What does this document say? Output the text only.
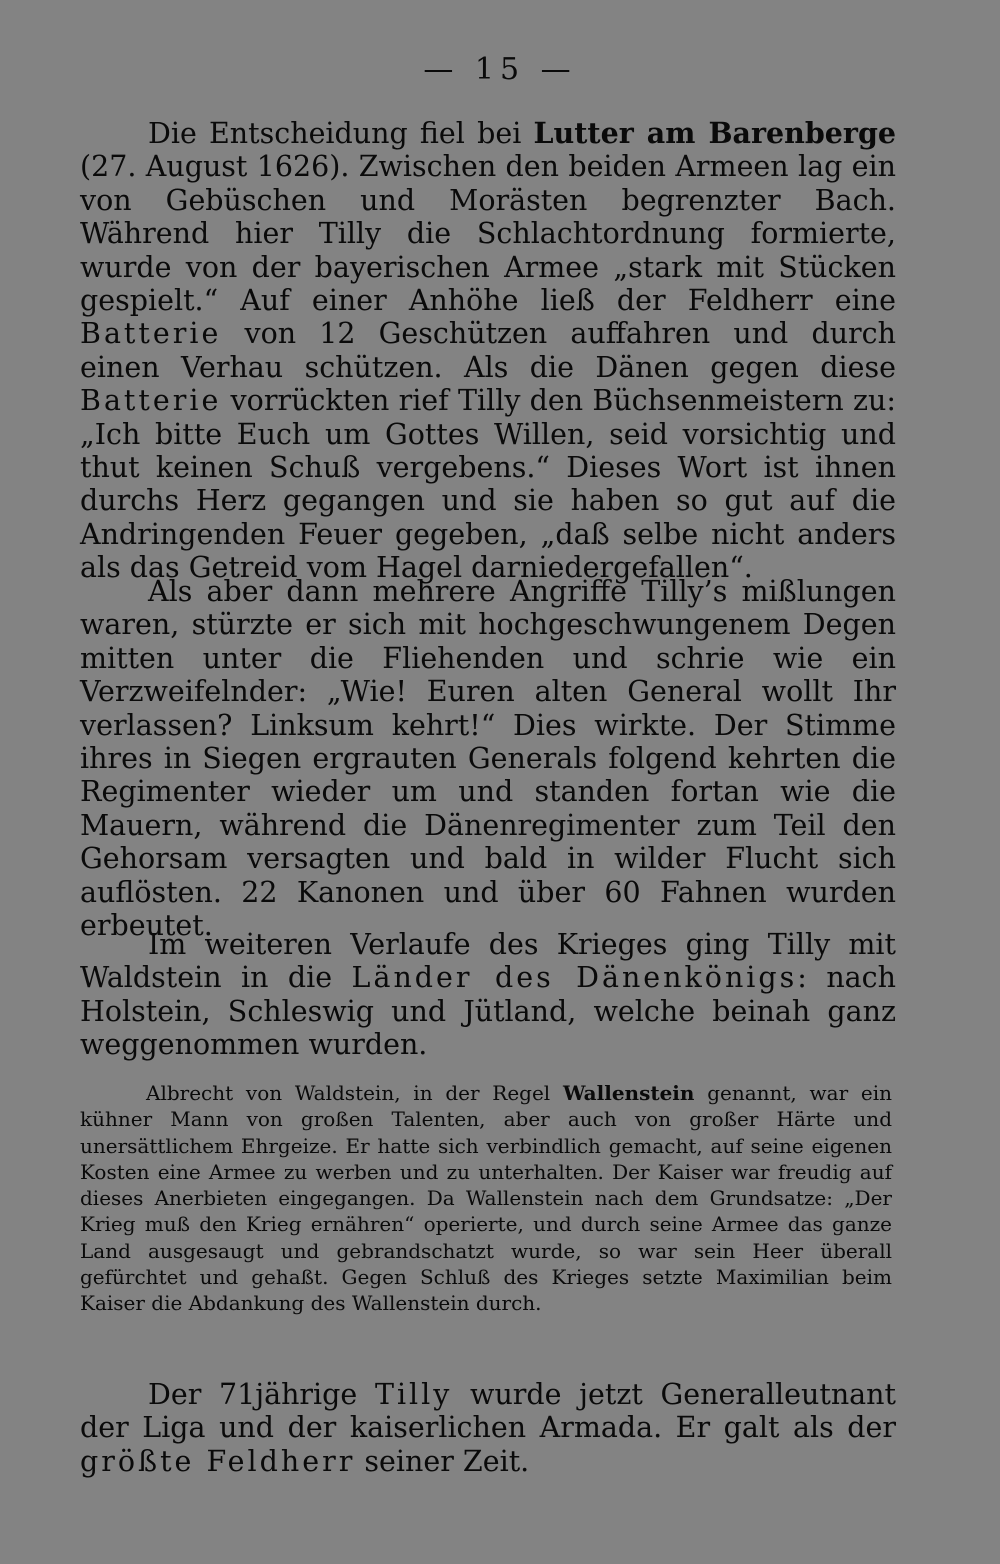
— 15 —

Die Entscheidung fiel bei Lutter am Barenberge (27. August 1626). Zwischen den beiden Armeen lag ein von Gebüschen und Morästen begrenzter Bach. Während hier Tilly die Schlachtordnung formierte, wurde von der bayerischen Armee „stark mit Stücken gespielt.“ Auf einer Anhöhe ließ der Feldherr eine Batterie von 12 Geschützen auffahren und durch einen Verhau schützen. Als die Dänen gegen diese Batterie vorrückten rief Tilly den Büchsenmeistern zu: „Ich bitte Euch um Gottes Willen, seid vorsichtig und thut keinen Schuß vergebens.“ Dieses Wort ist ihnen durchs Herz gegangen und sie haben so gut auf die Andringenden Feuer gegeben, „daß selbe nicht anders als das Getreid vom Hagel darniedergefallen“.

Als aber dann mehrere Angriffe Tilly’s mißlungen waren, stürzte er sich mit hochgeschwungenem Degen mitten unter die Fliehenden und schrie wie ein Verzweifelnder: „Wie! Euren alten General wollt Ihr verlassen? Linksum kehrt!“ Dies wirkte. Der Stimme ihres in Siegen ergrauten Generals folgend kehrten die Regimenter wieder um und standen fortan wie die Mauern, während die Dänenregimenter zum Teil den Gehorsam versagten und bald in wilder Flucht sich auflösten. 22 Kanonen und über 60 Fahnen wurden erbeutet.

Im weiteren Verlaufe des Krieges ging Tilly mit Waldstein in die Länder des Dänenkönigs: nach Holstein, Schleswig und Jütland, welche beinah ganz weggenommen wurden.

Albrecht von Waldstein, in der Regel Wallenstein genannt, war ein kühner Mann von großen Talenten, aber auch von großer Härte und unersättlichem Ehrgeize. Er hatte sich verbindlich gemacht, auf seine eigenen Kosten eine Armee zu werben und zu unterhalten. Der Kaiser war freudig auf dieses Anerbieten eingegangen. Da Wallenstein nach dem Grundsatze: „Der Krieg muß den Krieg ernähren“ operierte, und durch seine Armee das ganze Land ausgesaugt und gebrandschatzt wurde, so war sein Heer überall gefürchtet und gehaßt. Gegen Schluß des Krieges setzte Maximilian beim Kaiser die Abdankung des Wallenstein durch.

Der 71jährige Tilly wurde jetzt Generalleutnant der Liga und der kaiserlichen Armada. Er galt als der größte Feldherr seiner Zeit.
